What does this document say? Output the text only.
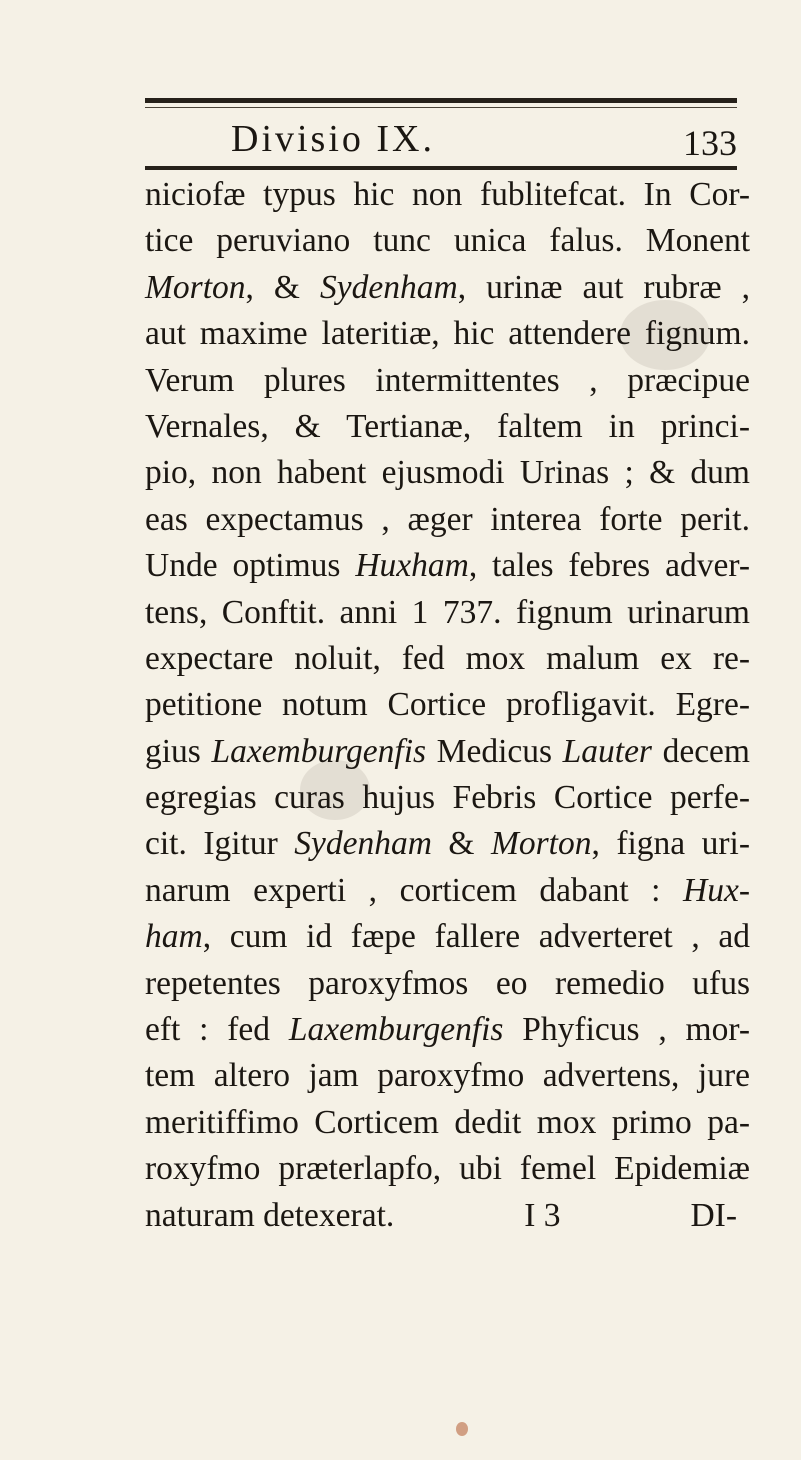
Divisio IX.	133
niciofæ typus hic non fublitefcat. In Cor-
tice peruviano tunc unica falus. Monent
Morton, & Sydenham, urinæ aut rubræ ,
aut maxime lateritiæ, hic attendere fignum.
Verum plures intermittentes , præcipue
Vernales, & Tertianæ, faltem in princi-
pio, non habent ejusmodi Urinas ; & dum
eas expectamus , æger interea forte perit.
Unde optimus Huxham, tales febres adver-
tens, Conftit. anni 1 737. fignum urinarum
expectare noluit, fed mox malum ex re-
petitione notum Cortice profligavit. Egre-
gius Laxemburgenfis Medicus Lauter decem
egregias curas hujus Febris Cortice perfe-
cit. Igitur Sydenham & Morton, figna uri-
narum experti , corticem dabant : Hux-
ham, cum id fæpe fallere adverteret , ad
repetentes paroxyfmos eo remedio ufus
eft : fed Laxemburgenfis Phyficus , mor-
tem altero jam paroxyfmo advertens, jure
meritiffimo Corticem dedit mox primo pa-
roxyfmo præterlapfo, ubi femel Epidemiæ
naturam detexerat.	I 3	DI-
